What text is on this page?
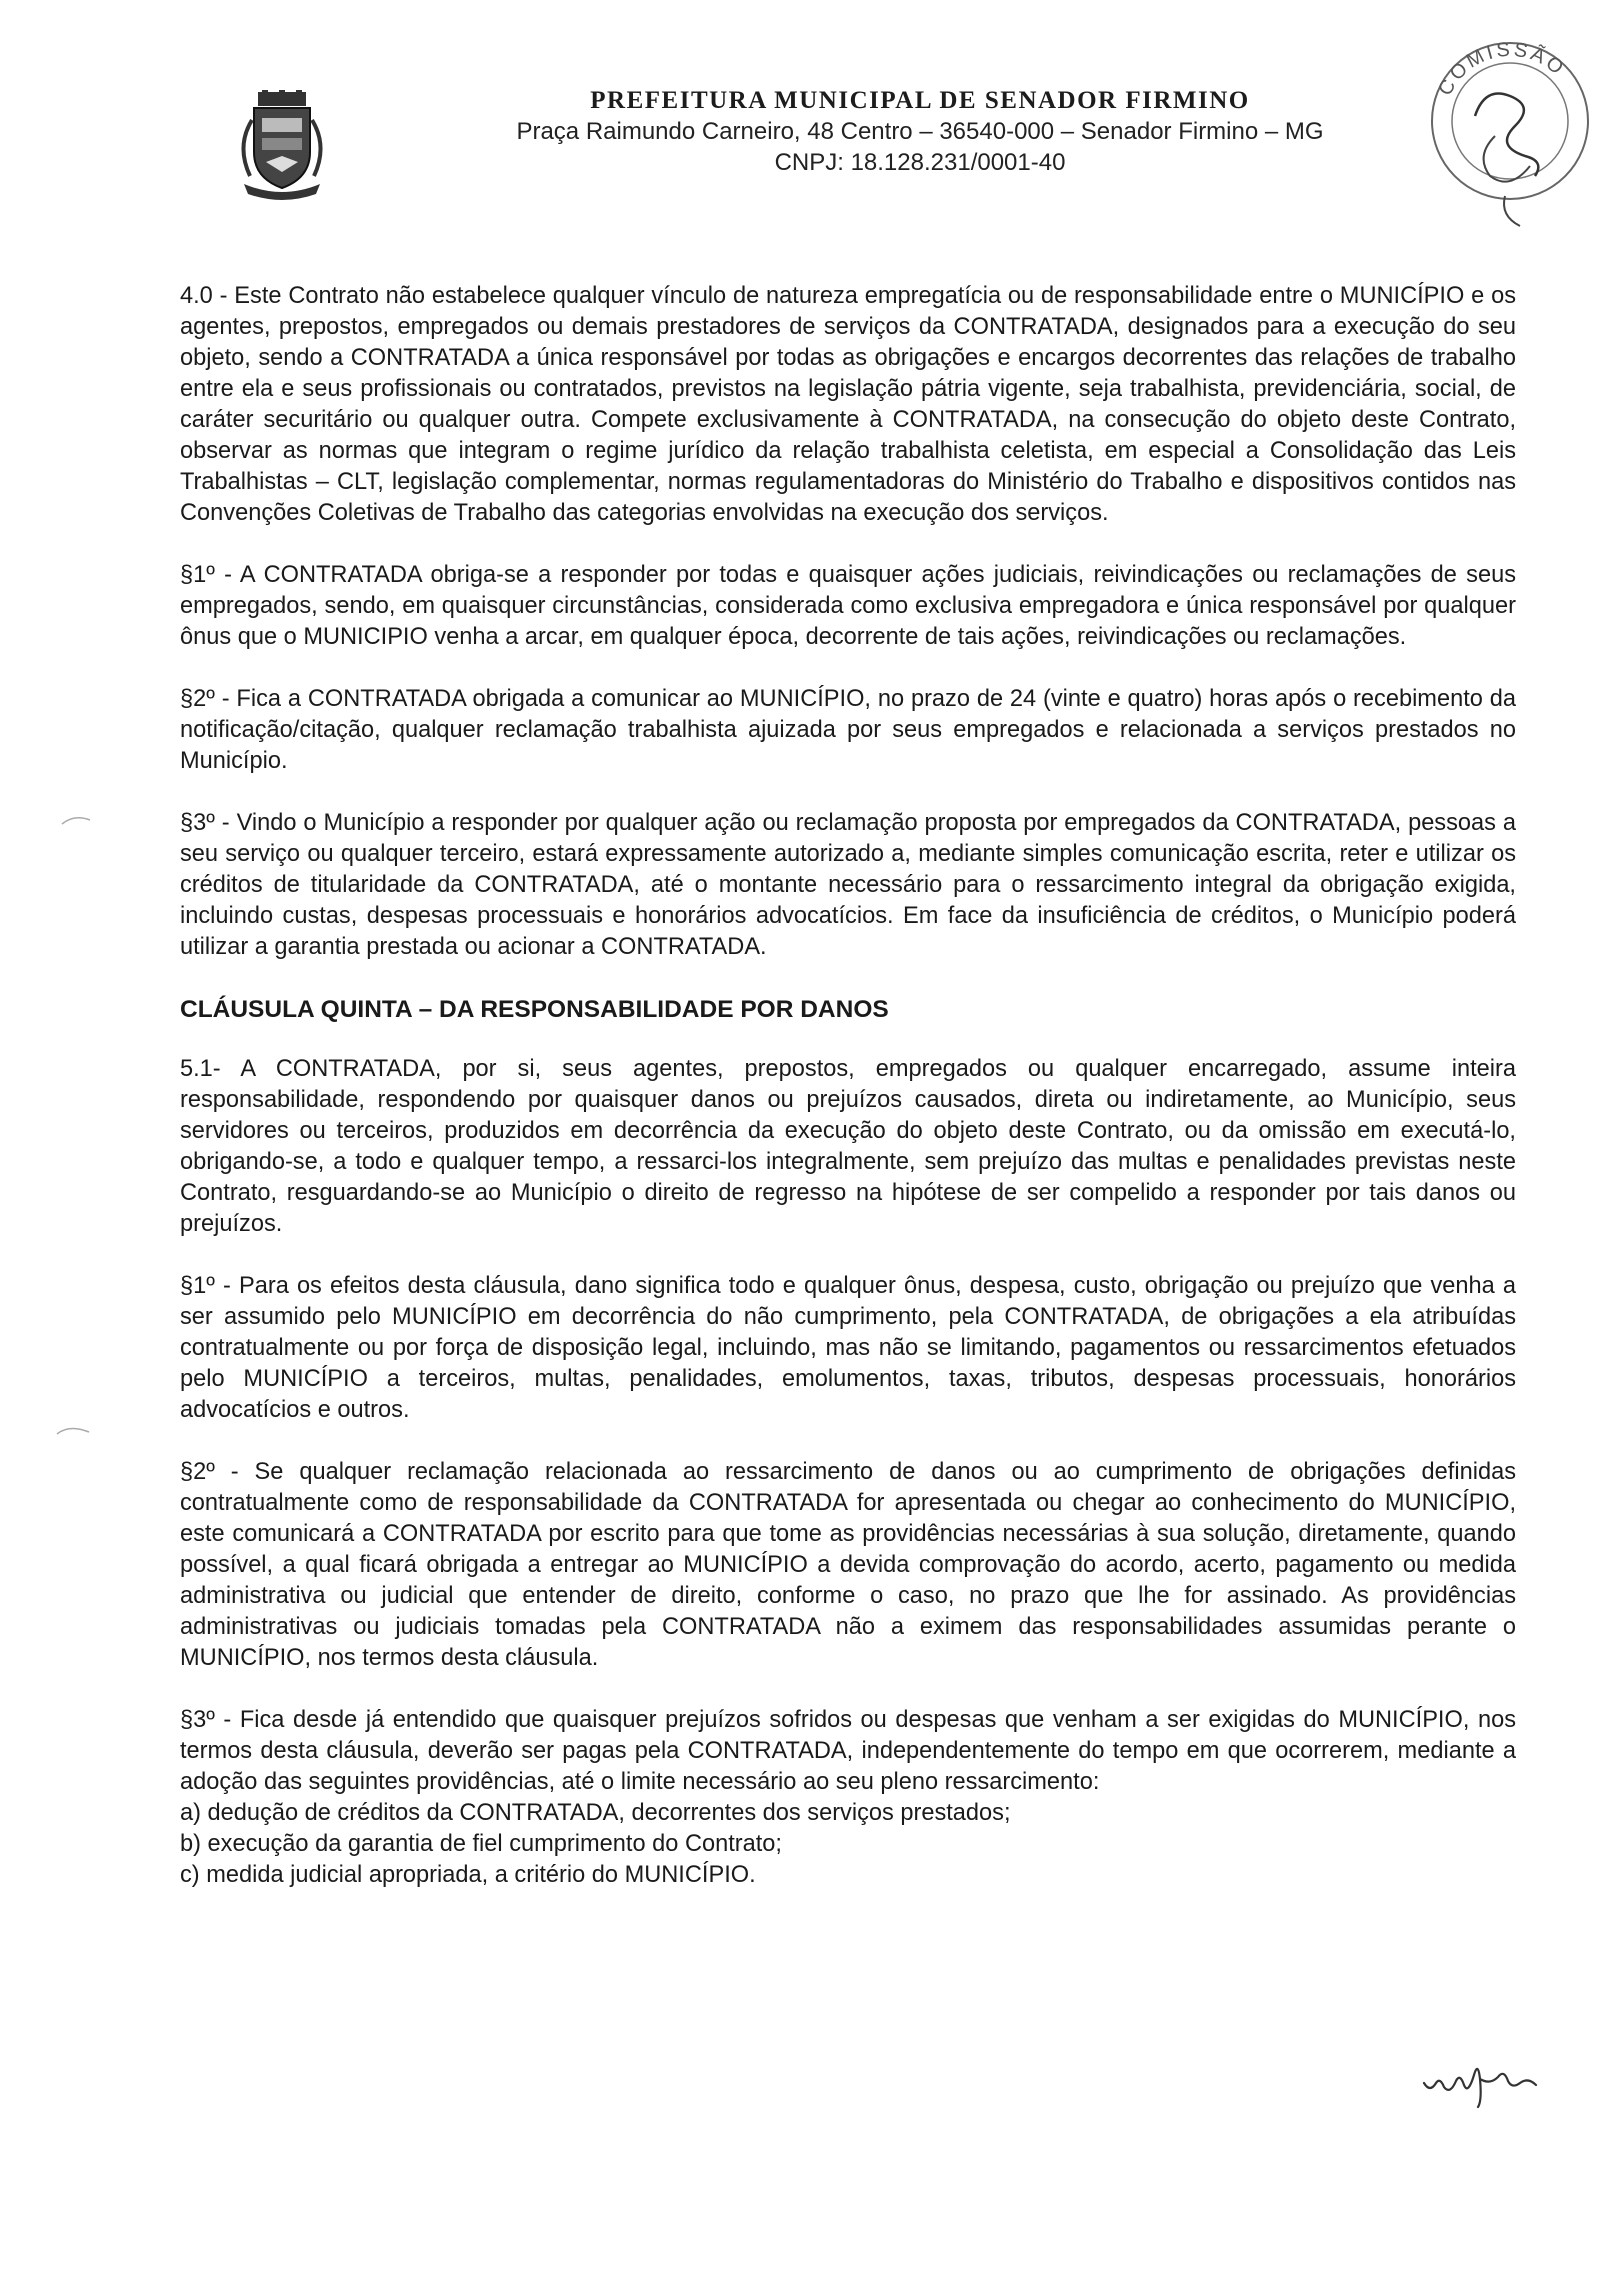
PREFEITURA MUNICIPAL DE SENADOR FIRMINO
Praça Raimundo Carneiro, 48 Centro – 36540-000 – Senador Firmino – MG
CNPJ: 18.128.231/0001-40
COMISSÃO

4.0 - Este Contrato não estabelece qualquer vínculo de natureza empregatícia ou de responsabilidade entre o MUNICÍPIO e os agentes, prepostos, empregados ou demais prestadores de serviços da CONTRATADA, designados para a execução do seu objeto, sendo a CONTRATADA a única responsável por todas as obrigações e encargos decorrentes das relações de trabalho entre ela e seus profissionais ou contratados, previstos na legislação pátria vigente, seja trabalhista, previdenciária, social, de caráter securitário ou qualquer outra. Compete exclusivamente à CONTRATADA, na consecução do objeto deste Contrato, observar as normas que integram o regime jurídico da relação trabalhista celetista, em especial a Consolidação das Leis Trabalhistas – CLT, legislação complementar, normas regulamentadoras do Ministério do Trabalho e dispositivos contidos nas Convenções Coletivas de Trabalho das categorias envolvidas na execução dos serviços.

§1º - A CONTRATADA obriga-se a responder por todas e quaisquer ações judiciais, reivindicações ou reclamações de seus empregados, sendo, em quaisquer circunstâncias, considerada como exclusiva empregadora e única responsável por qualquer ônus que o MUNICIPIO venha a arcar, em qualquer época, decorrente de tais ações, reivindicações ou reclamações.

§2º - Fica a CONTRATADA obrigada a comunicar ao MUNICÍPIO, no prazo de 24 (vinte e quatro) horas após o recebimento da notificação/citação, qualquer reclamação trabalhista ajuizada por seus empregados e relacionada a serviços prestados no Município.

§3º - Vindo o Município a responder por qualquer ação ou reclamação proposta por empregados da CONTRATADA, pessoas a seu serviço ou qualquer terceiro, estará expressamente autorizado a, mediante simples comunicação escrita, reter e utilizar os créditos de titularidade da CONTRATADA, até o montante necessário para o ressarcimento integral da obrigação exigida, incluindo custas, despesas processuais e honorários advocatícios. Em face da insuficiência de créditos, o Município poderá utilizar a garantia prestada ou acionar a CONTRATADA.

CLÁUSULA QUINTA – DA RESPONSABILIDADE POR DANOS

5.1- A CONTRATADA, por si, seus agentes, prepostos, empregados ou qualquer encarregado, assume inteira responsabilidade, respondendo por quaisquer danos ou prejuízos causados, direta ou indiretamente, ao Município, seus servidores ou terceiros, produzidos em decorrência da execução do objeto deste Contrato, ou da omissão em executá-lo, obrigando-se, a todo e qualquer tempo, a ressarci-los integralmente, sem prejuízo das multas e penalidades previstas neste Contrato, resguardando-se ao Município o direito de regresso na hipótese de ser compelido a responder por tais danos ou prejuízos.

§1º - Para os efeitos desta cláusula, dano significa todo e qualquer ônus, despesa, custo, obrigação ou prejuízo que venha a ser assumido pelo MUNICÍPIO em decorrência do não cumprimento, pela CONTRATADA, de obrigações a ela atribuídas contratualmente ou por força de disposição legal, incluindo, mas não se limitando, pagamentos ou ressarcimentos efetuados pelo MUNICÍPIO a terceiros, multas, penalidades, emolumentos, taxas, tributos, despesas processuais, honorários advocatícios e outros.

§2º - Se qualquer reclamação relacionada ao ressarcimento de danos ou ao cumprimento de obrigações definidas contratualmente como de responsabilidade da CONTRATADA for apresentada ou chegar ao conhecimento do MUNICÍPIO, este comunicará a CONTRATADA por escrito para que tome as providências necessárias à sua solução, diretamente, quando possível, a qual ficará obrigada a entregar ao MUNICÍPIO a devida comprovação do acordo, acerto, pagamento ou medida administrativa ou judicial que entender de direito, conforme o caso, no prazo que lhe for assinado. As providências administrativas ou judiciais tomadas pela CONTRATADA não a eximem das responsabilidades assumidas perante o MUNICÍPIO, nos termos desta cláusula.

§3º - Fica desde já entendido que quaisquer prejuízos sofridos ou despesas que venham a ser exigidas do MUNICÍPIO, nos termos desta cláusula, deverão ser pagas pela CONTRATADA, independentemente do tempo em que ocorrerem, mediante a adoção das seguintes providências, até o limite necessário ao seu pleno ressarcimento:

a) dedução de créditos da CONTRATADA, decorrentes dos serviços prestados;
b) execução da garantia de fiel cumprimento do Contrato;
c) medida judicial apropriada, a critério do MUNICÍPIO.
